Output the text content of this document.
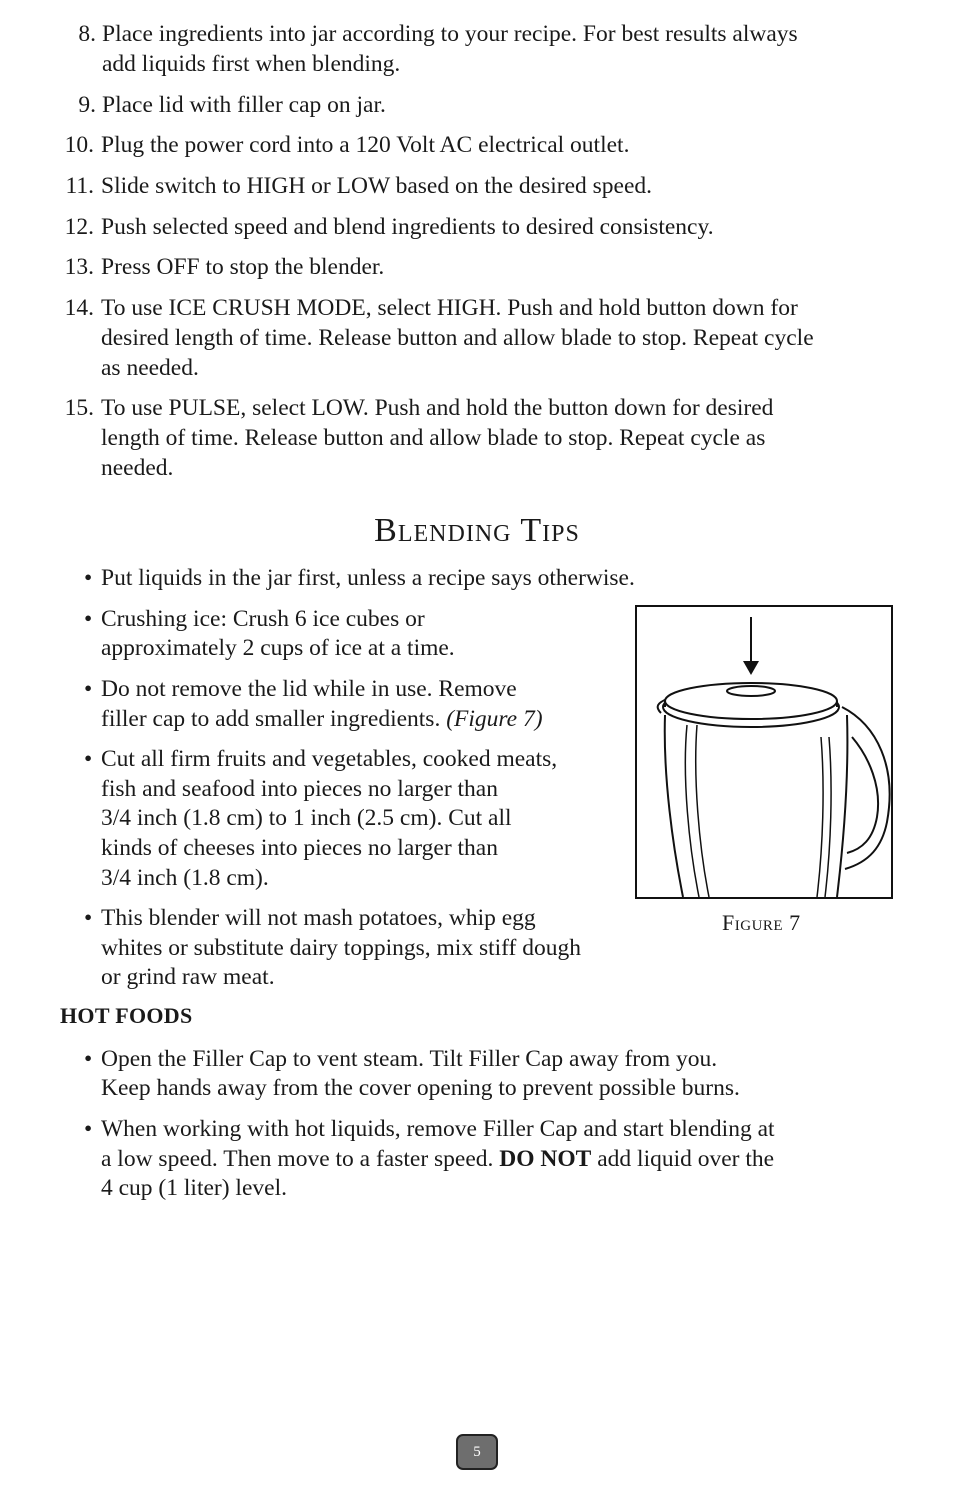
8. Place ingredients into jar according to your recipe. For best results always
add liquids first when blending.
9. Place lid with filler cap on jar.
10. Plug the power cord into a 120 Volt AC electrical outlet.
11. Slide switch to HIGH or LOW based on the desired speed.
12. Push selected speed and blend ingredients to desired consistency.
13. Press OFF to stop the blender.
14. To use ICE CRUSH MODE, select HIGH. Push and hold button down for
desired length of time. Release button and allow blade to stop. Repeat cycle
as needed.
15. To use PULSE, select LOW. Push and hold the button down for desired
length of time. Release button and allow blade to stop. Repeat cycle as
needed.
Blending Tips
• Put liquids in the jar first, unless a recipe says otherwise.
• Crushing ice: Crush 6 ice cubes or
approximately 2 cups of ice at a time.
• Do not remove the lid while in use. Remove
filler cap to add smaller ingredients. (Figure 7)
• Cut all firm fruits and vegetables, cooked meats,
fish and seafood into pieces no larger than
3/4 inch (1.8 cm) to 1 inch (2.5 cm). Cut all
kinds of cheeses into pieces no larger than
3/4 inch (1.8 cm).
• This blender will not mash potatoes, whip egg
whites or substitute dairy toppings, mix stiff dough
or grind raw meat.
Figure 7
HOT FOODS
• Open the Filler Cap to vent steam. Tilt Filler Cap away from you.
Keep hands away from the cover opening to prevent possible burns.
• When working with hot liquids, remove Filler Cap and start blending at
a low speed. Then move to a faster speed. DO NOT add liquid over the
4 cup (1 liter) level.
5
